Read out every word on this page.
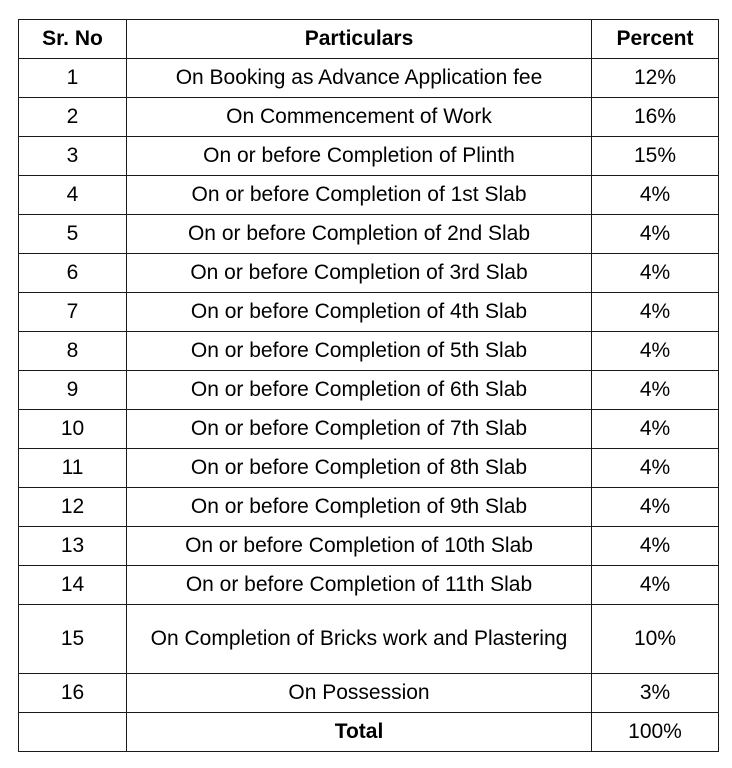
Sr. No	Particulars	Percent
1	On Booking as Advance Application fee	12%
2	On Commencement of Work	16%
3	On or before Completion of Plinth	15%
4	On or before Completion of 1st Slab	4%
5	On or before Completion of 2nd Slab	4%
6	On or before Completion of 3rd Slab	4%
7	On or before Completion of 4th Slab	4%
8	On or before Completion of 5th Slab	4%
9	On or before Completion of 6th Slab	4%
10	On or before Completion of 7th Slab	4%
11	On or before Completion of 8th Slab	4%
12	On or before Completion of 9th Slab	4%
13	On or before Completion of 10th Slab	4%
14	On or before Completion of 11th Slab	4%
15	On Completion of Bricks work and Plastering	10%
16	On Possession	3%
	Total	100%
